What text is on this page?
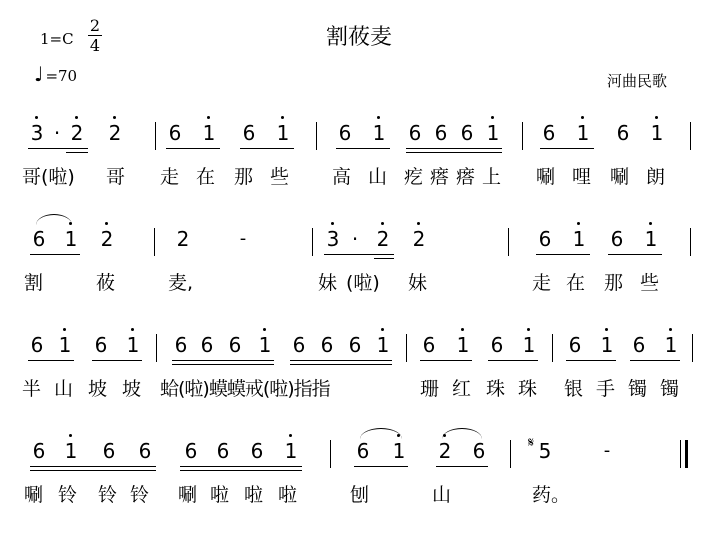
1=C
2
4
♩ =70
割莜麦
河曲民歌
3 · 2 2 6 1 6 1 6 1 6 6 6 1 6 1 6 1
哥(啦) 哥 走 在 那 些 高 山 疙 瘩 瘩 上 唰 哩 唰 朗
6 1 2	2	-	3 · 2 2	6 1 6 1
割	莜	麦,	妹 (啦) 妹	走 在 那 些
6 1 6 1 6 6 6 1 6 6 6 1 6 1 6 1 6 1 6 1
半 山 坡 坡 蛤(啦)蟆蟆戒(啦)指指	珊 红 珠 珠 银 手 镯 镯
6 1 6 6 6 6 6 1	6 1 2 6	𝄋 5	-
唰 铃 铃 铃 唰 啦 啦 啦	刨	山	药。
